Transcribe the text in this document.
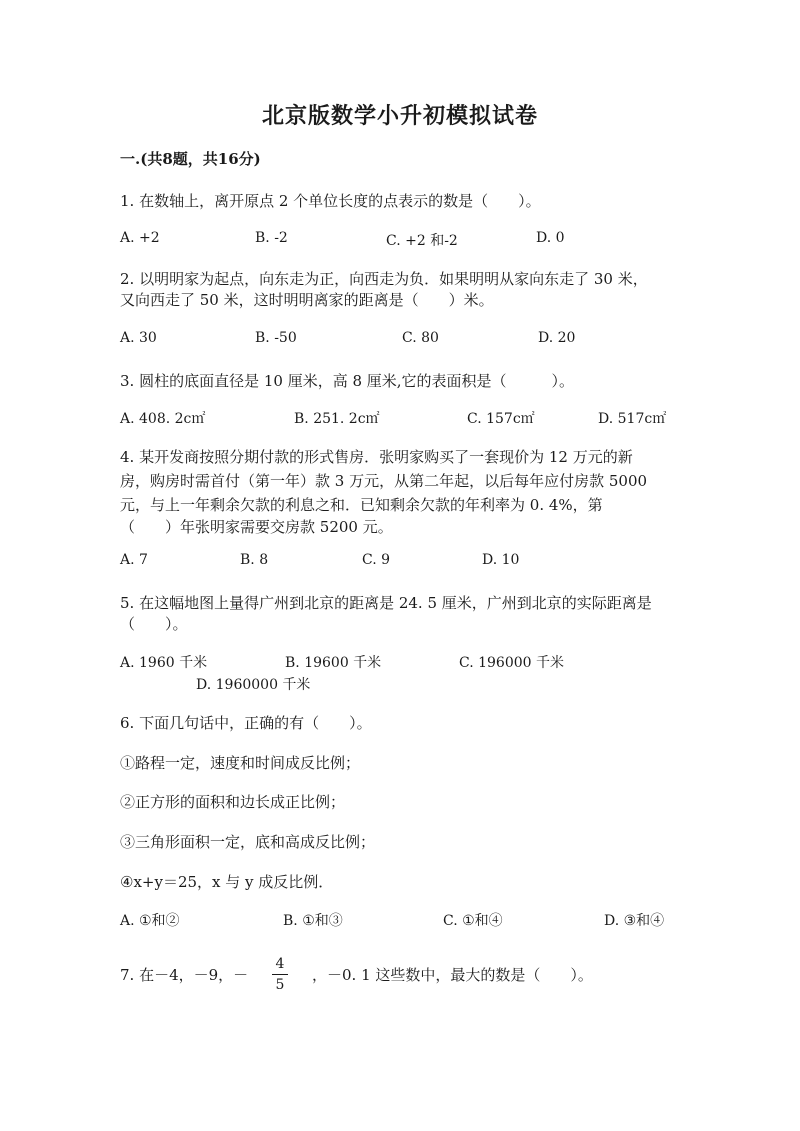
北京版数学小升初模拟试卷
一.(共8题，共16分)
1. 在数轴上，离开原点 2 个单位长度的点表示的数是（　　）。
A. +2	B. -2	C. +2 和-2	D. 0
2. 以明明家为起点，向东走为正，向西走为负．如果明明从家向东走了 30 米，
又向西走了 50 米，这时明明离家的距离是（　　）米。
A. 30	B. -50	C. 80	D. 20
3. 圆柱的底面直径是 10 厘米，高 8 厘米,它的表面积是（　　　）。
A. 408. 2c㎡	B. 251. 2c㎡	C. 157c㎡	D. 517c㎡
4. 某开发商按照分期付款的形式售房．张明家购买了一套现价为 12 万元的新
房，购房时需首付（第一年）款 3 万元，从第二年起，以后每年应付房款 5000
元，与上一年剩余欠款的利息之和．已知剩余欠款的年利率为 0. 4%，第
（　　）年张明家需要交房款 5200 元。
A. 7	B. 8	C. 9	D. 10
5. 在这幅地图上量得广州到北京的距离是 24. 5 厘米，广州到北京的实际距离是
（　　）。
A. 1960 千米	B. 19600 千米	C. 196000 千米
D. 1960000 千米
6. 下面几句话中，正确的有（　　）。
①路程一定，速度和时间成反比例；
②正方形的面积和边长成正比例；
③三角形面积一定，底和高成反比例；
④x+y＝25，x 与 y 成反比例．
A. ①和②	B. ①和③	C. ①和④	D. ③和④
7. 在－4，－9，－
4
5
，－0. 1 这些数中，最大的数是（　　）。
